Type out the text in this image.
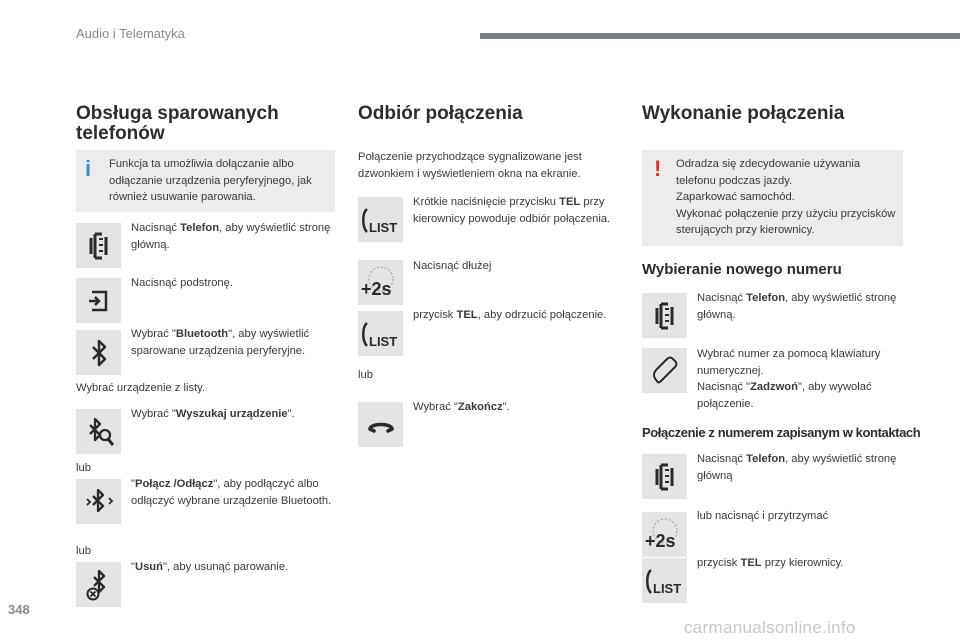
Audio i Telematyka
Obsługa sparowanych
telefonów
i Funkcja ta umożliwia dołączanie albo odłączanie urządzenia peryferyjnego, jak również usuwanie parowania.
Nacisnąć Telefon, aby wyświetlić stronę główną.
Nacisnąć podstronę.
Wybrać "Bluetooth", aby wyświetlić sparowane urządzenia peryferyjne.
Wybrać urządzenie z listy.
Wybrać "Wyszukaj urządzenie".
lub
"Połącz /Odłącz", aby podłączyć albo odłączyć wybrane urządzenie Bluetooth.
lub
"Usuń", aby usunąć parowanie.
Odbiór połączenia
Połączenie przychodzące sygnalizowane jest dzwonkiem i wyświetleniem okna na ekranie.
LIST
Krótkie naciśnięcie przycisku TEL przy kierownicy powoduje odbiór połączenia.
+2s
Nacisnąć dłużej
LIST
przycisk TEL, aby odrzucić połączenie.
lub
Wybrać "Zakończ".
Wykonanie połączenia
! Odradza się zdecydowanie używania telefonu podczas jazdy.
Zaparkować samochód.
Wykonać połączenie przy użyciu przycisków sterujących przy kierownicy.
Wybieranie nowego numeru
Nacisnąć Telefon, aby wyświetlić stronę główną.
Wybrać numer za pomocą klawiatury numerycznej.
Nacisnąć "Zadzwoń", aby wywołać połączenie.
Połączenie z numerem zapisanym w kontaktach
Nacisnąć Telefon, aby wyświetlić stronę główną
+2s
lub nacisnąć i przytrzymać
LIST
przycisk TEL przy kierownicy.
348
carmanualsonline.info
